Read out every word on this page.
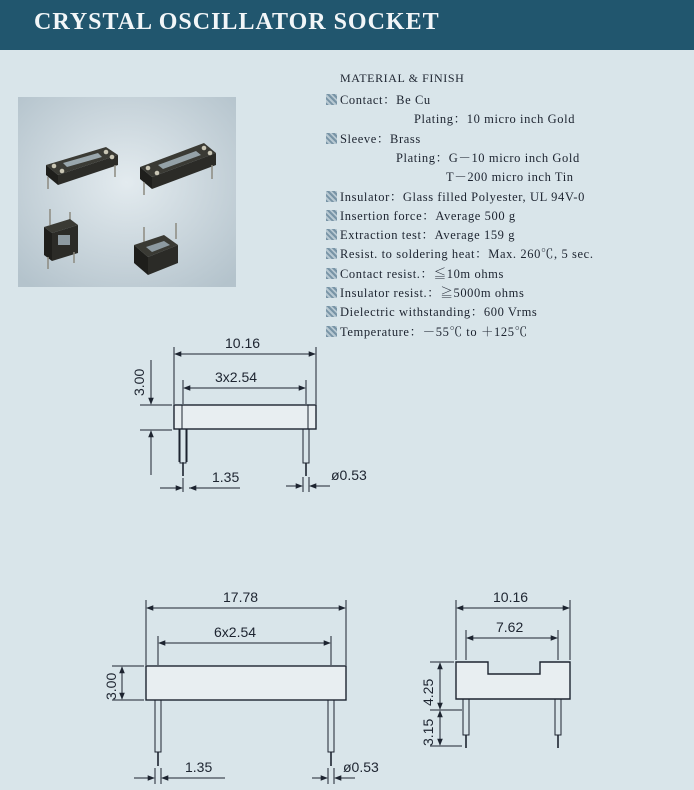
CRYSTAL OSCILLATOR SOCKET
MATERIAL & FINISH
Contact：Be Cu
Plating：10 micro inch Gold
Sleeve：Brass
Plating：G－10 micro inch Gold
T－200 micro inch Tin
Insulator：Glass filled Polyester, UL 94V-0
Insertion force：Average 500 g
Extraction test：Average 159 g
Resist. to soldering heat：Max. 260℃, 5 sec.
Contact resist.：≦10m ohms
Insulator resist.：≧5000m ohms
Dielectric withstanding：600 Vrms
Temperature：－55℃ to ＋125℃
10.16
3x2.54
3.00
1.35	ø0.53
17.78
6x2.54
3.00
1.35	ø0.53
10.16
7.62
4.25
3.15
